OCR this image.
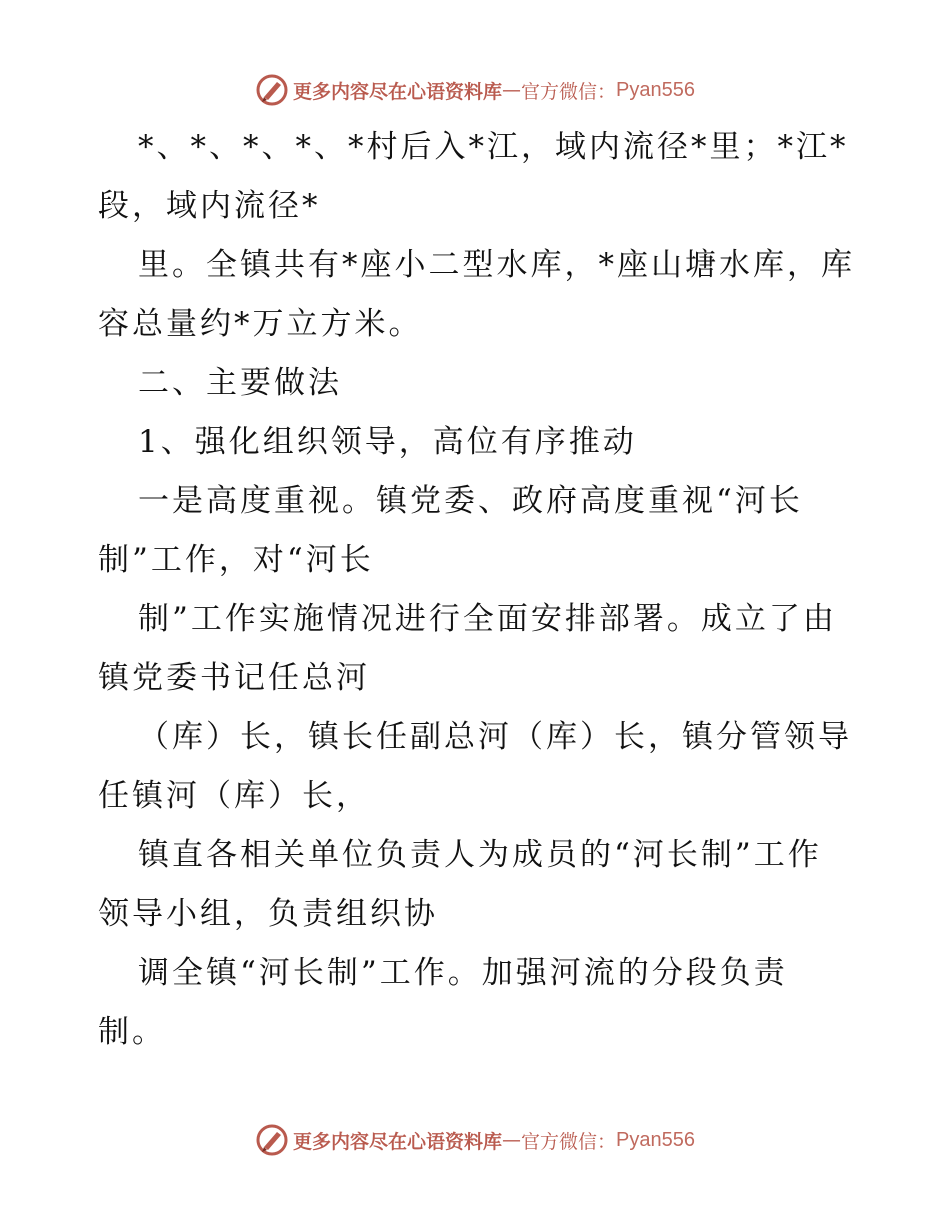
更多内容尽在心语资料库 — 官方微信： Pyan556
*、*、*、*、*村后入*江，域内流径*里；*江*
段，域内流径*
里。全镇共有*座小二型水库，*座山塘水库，库
容总量约*万立方米。
二、主要做法
1、强化组织领导，高位有序推动
一是高度重视。镇党委、政府高度重视“河长
制”工作，对“河长
制”工作实施情况进行全面安排部署。成立了由
镇党委书记任总河
（库）长，镇长任副总河（库）长，镇分管领导
任镇河（库）长，
镇直各相关单位负责人为成员的“河长制”工作
领导小组，负责组织协
调全镇“河长制”工作。加强河流的分段负责
制。
更多内容尽在心语资料库 — 官方微信： Pyan556
